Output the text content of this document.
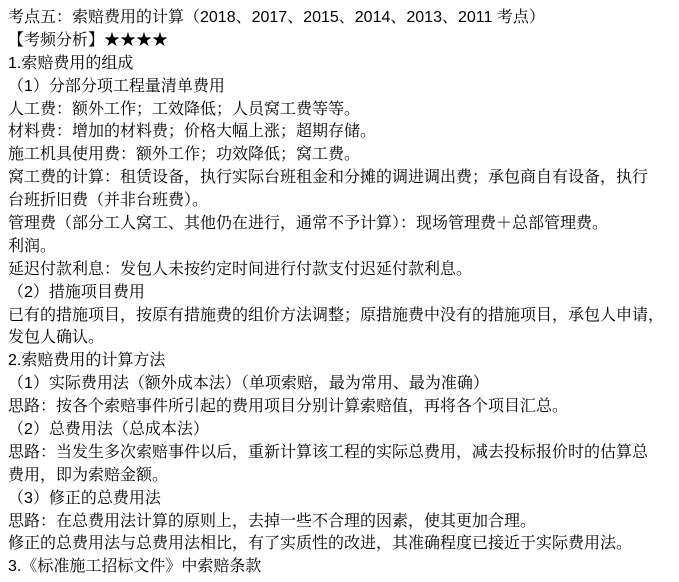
考点五：索赔费用的计算（2018、2017、2015、2014、2013、2011 考点）
【考频分析】★★★★
1.索赔费用的组成
（1）分部分项工程量清单费用
人工费：额外工作；工效降低；人员窝工费等等。
材料费：增加的材料费；价格大幅上涨；超期存储。
施工机具使用费：额外工作；功效降低；窝工费。
窝工费的计算：租赁设备，执行实际台班租金和分摊的调进调出费；承包商自有设备，执行
台班折旧费（并非台班费）。
管理费（部分工人窝工、其他仍在进行，通常不予计算）：现场管理费＋总部管理费。
利润。
延迟付款利息：发包人未按约定时间进行付款支付迟延付款利息。
（2）措施项目费用
已有的措施项目，按原有措施费的组价方法调整；原措施费中没有的措施项目，承包人申请，
发包人确认。
2.索赔费用的计算方法
（1）实际费用法（额外成本法）（单项索赔，最为常用、最为准确）
思路：按各个索赔事件所引起的费用项目分别计算索赔值，再将各个项目汇总。
（2）总费用法（总成本法）
思路：当发生多次索赔事件以后，重新计算该工程的实际总费用，减去投标报价时的估算总
费用，即为索赔金额。
（3）修正的总费用法
思路：在总费用法计算的原则上，去掉一些不合理的因素，使其更加合理。
修正的总费用法与总费用法相比，有了实质性的改进，其准确程度已接近于实际费用法。
3.《标准施工招标文件》中索赔条款
